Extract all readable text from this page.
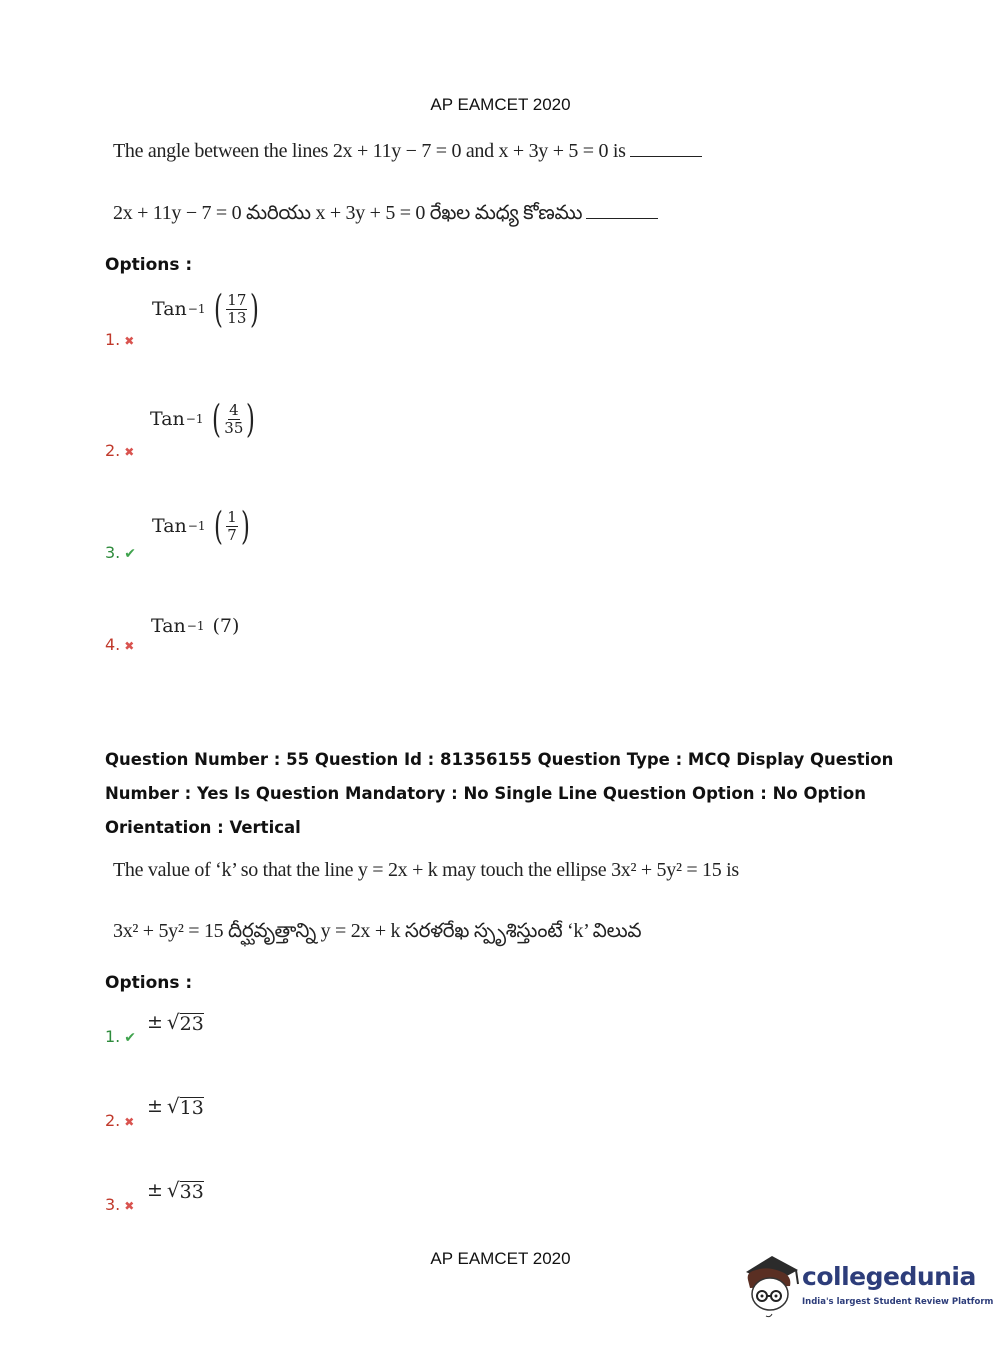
AP EAMCET 2020
The angle between the lines 2x + 11y − 7 = 0 and x + 3y + 5 = 0 is
2x + 11y − 7 = 0 మరియు x + 3y + 5 = 0 రేఖల మధ్య కోణము
Options :
Tan −1 ( $\frac{17}{13}$ )
1. ✖
Tan −1 ( $\frac{4}{35}$ )
2. ✖
Tan −1 ( $\frac{1}{7}$ )
3. ✔
Tan −1 (7)
4. ✖
Question Number : 55 Question Id : 81356155 Question Type : MCQ Display Question Number : Yes Is Question Mandatory : No Single Line Question Option : No Option Orientation : Vertical
The value of ‘k’ so that the line y = 2x + k may touch the ellipse 3x² + 5y² = 15 is
3x² + 5y² = 15 దీర్ఘవృత్తాన్ని y = 2x + k సరళరేఖ స్పృశిస్తుంటే ‘k’ విలువ
Options :
1. ✔
± √ 23
2. ✖
± √ 13
3. ✖
± √ 33
AP EAMCET 2020
collegedunia
India's largest Student Review Platform
